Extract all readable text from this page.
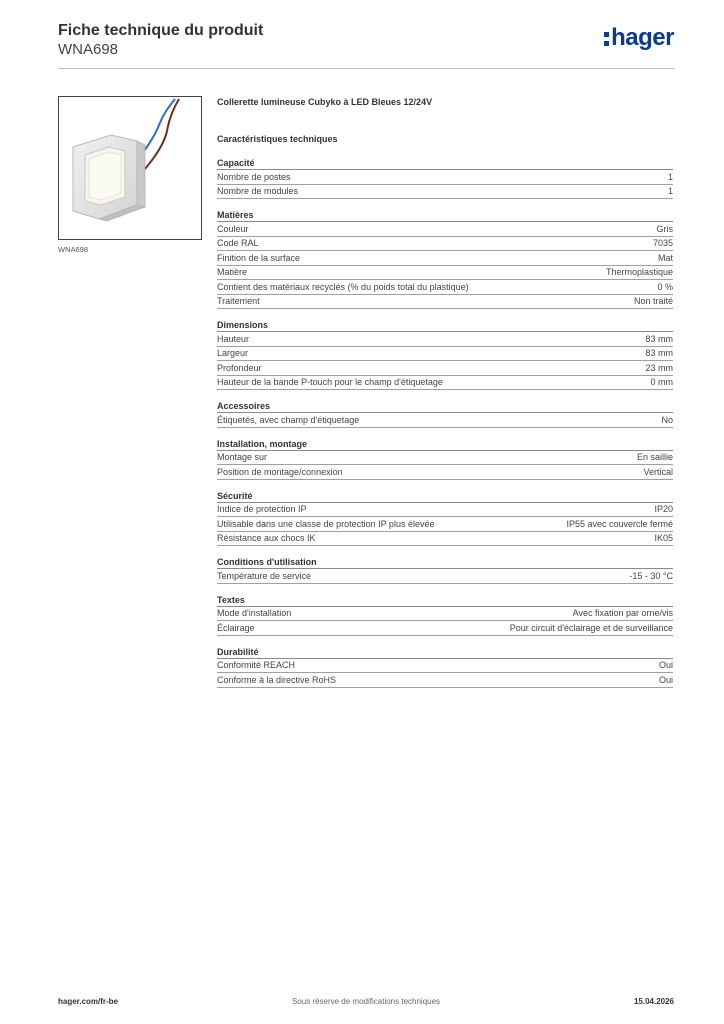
Fiche technique du produit
WNA698	hager
WNA698
Collerette lumineuse Cubyko à LED Bleues 12/24V
Caractéristiques techniques
Capacité
Nombre de postes	1
Nombre de modules	1
Matières
Couleur	Gris
Code RAL	7035
Finition de la surface	Mat
Matière	Thermoplastique
Contient des matériaux recyclés (% du poids total du plastique)	0 %
Traitement	Non traité
Dimensions
Hauteur	83 mm
Largeur	83 mm
Profondeur	23 mm
Hauteur de la bande P-touch pour le champ d'étiquetage	0 mm
Accessoires
Étiquetés, avec champ d'étiquetage	No
Installation, montage
Montage sur	En saillie
Position de montage/connexion	Vertical
Sécurité
Indice de protection IP	IP20
Utilisable dans une classe de protection IP plus élevée	IP55 avec couvercle fermé
Résistance aux chocs IK	IK05
Conditions d'utilisation
Température de service	-15 - 30 °C
Textes
Mode d'installation	Avec fixation par orne/vis
Éclairage	Pour circuit d'éclairage et de surveillance
Durabilité
Conformité REACH	Oui
Conforme à la directive RoHS	Oui
hager.com/fr-be	Sous réserve de modifications techniques	15.04.2026
